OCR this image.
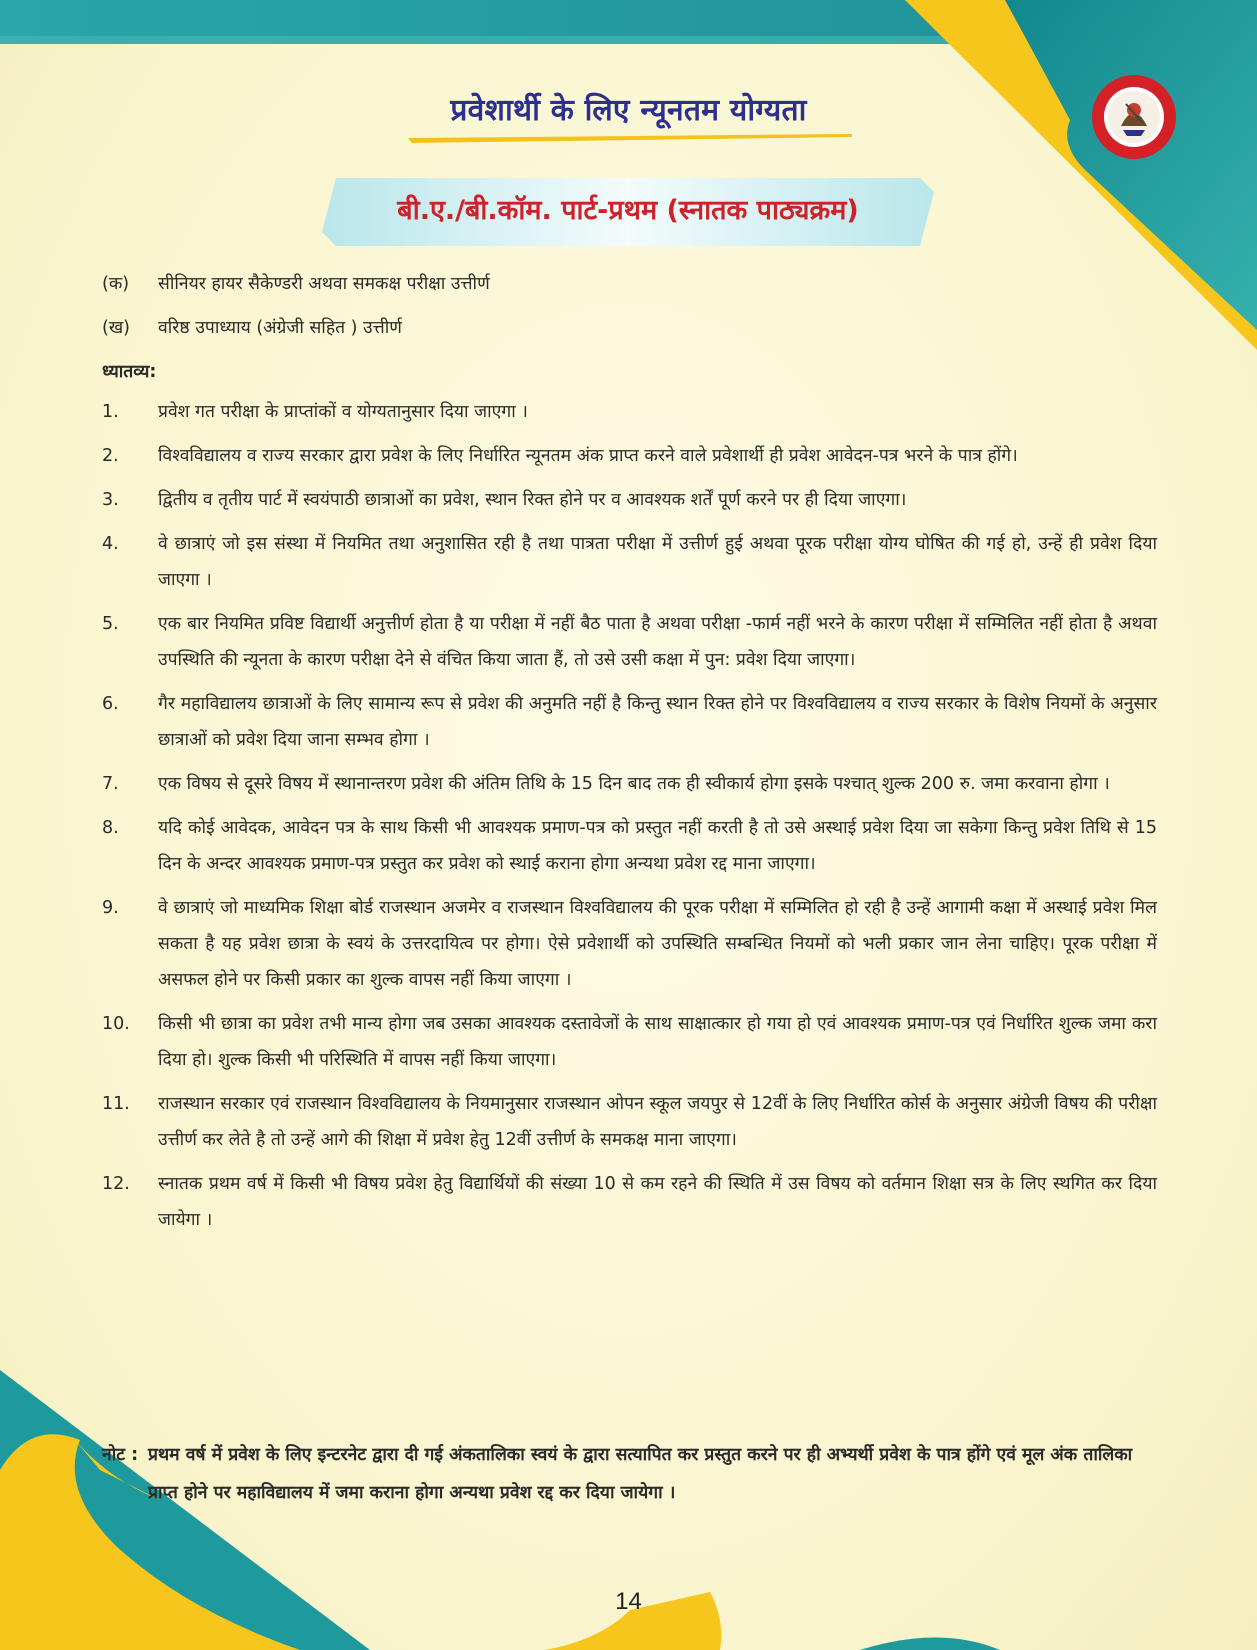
प्रवेशार्थी के लिए न्यूनतम योग्यता
बी.ए./बी.कॉम. पार्ट-प्रथम (स्नातक पाठ्यक्रम)
(क)	सीनियर हायर सैकेण्डरी अथवा समकक्ष परीक्षा उत्तीर्ण
(ख)	वरिष्ठ उपाध्याय (अंग्रेजी सहित ) उत्तीर्ण
ध्यातव्य:
1.	प्रवेश गत परीक्षा के प्राप्तांकों व योग्यतानुसार दिया जाएगा ।
2.	विश्वविद्यालय व राज्य सरकार द्वारा प्रवेश के लिए निर्धारित न्यूनतम अंक प्राप्त करने वाले प्रवेशार्थी ही प्रवेश आवेदन-पत्र भरने के पात्र होंगे।
3.	द्वितीय व तृतीय पार्ट में स्वयंपाठी छात्राओं का प्रवेश, स्थान रिक्त होने पर व आवश्यक शर्तें पूर्ण करने पर ही दिया जाएगा।
4.	वे छात्राएं जो इस संस्था में नियमित तथा अनुशासित रही है तथा पात्रता परीक्षा में उत्तीर्ण हुई अथवा पूरक परीक्षा योग्य घोषित की गई हो, उन्हें ही प्रवेश दिया जाएगा ।
5.	एक बार नियमित प्रविष्ट विद्यार्थी अनुत्तीर्ण होता है या परीक्षा में नहीं बैठ पाता है अथवा परीक्षा -फार्म नहीं भरने के कारण परीक्षा में सम्मिलित नहीं होता है अथवा उपस्थिति की न्यूनता के कारण परीक्षा देने से वंचित किया जाता हैं, तो उसे उसी कक्षा में पुन: प्रवेश दिया जाएगा।
6.	गैर महाविद्यालय छात्राओं के लिए सामान्य रूप से प्रवेश की अनुमति नहीं है किन्तु स्थान रिक्त होने पर विश्वविद्यालय व राज्य सरकार के विशेष नियमों के अनुसार छात्राओं को प्रवेश दिया जाना सम्भव होगा ।
7.	एक विषय से दूसरे विषय में स्थानान्तरण प्रवेश की अंतिम तिथि के 15 दिन बाद तक ही स्वीकार्य होगा इसके पश्चात् शुल्क 200 रु. जमा करवाना होगा ।
8.	यदि कोई आवेदक, आवेदन पत्र के साथ किसी भी आवश्यक प्रमाण-पत्र को प्रस्तुत नहीं करती है तो उसे अस्थाई प्रवेश दिया जा सकेगा किन्तु प्रवेश तिथि से 15 दिन के अन्दर आवश्यक प्रमाण-पत्र प्रस्तुत कर प्रवेश को स्थाई कराना होगा अन्यथा प्रवेश रद्द माना जाएगा।
9.	वे छात्राएं जो माध्यमिक शिक्षा बोर्ड राजस्थान अजमेर व राजस्थान विश्वविद्यालय की पूरक परीक्षा में सम्मिलित हो रही है उन्हें आगामी कक्षा में अस्थाई प्रवेश मिल सकता है यह प्रवेश छात्रा के स्वयं के उत्तरदायित्व पर होगा। ऐसे प्रवेशार्थी को उपस्थिति सम्बन्धित नियमों को भली प्रकार जान लेना चाहिए। पूरक परीक्षा में असफल होने पर किसी प्रकार का शुल्क वापस नहीं किया जाएगा ।
10.	किसी भी छात्रा का प्रवेश तभी मान्य होगा जब उसका आवश्यक दस्तावेजों के साथ साक्षात्कार हो गया हो एवं आवश्यक प्रमाण-पत्र एवं निर्धारित शुल्क जमा करा दिया हो। शुल्क किसी भी परिस्थिति में वापस नहीं किया जाएगा।
11.	राजस्थान सरकार एवं राजस्थान विश्वविद्यालय के नियमानुसार राजस्थान ओपन स्कूल जयपुर से 12वीं के लिए निर्धारित कोर्स के अनुसार अंग्रेजी विषय की परीक्षा उत्तीर्ण कर लेते है तो उन्हें आगे की शिक्षा में प्रवेश हेतु 12वीं उत्तीर्ण के समकक्ष माना जाएगा।
12.	स्नातक प्रथम वर्ष में किसी भी विषय प्रवेश हेतु विद्यार्थियों की संख्या 10 से कम रहने की स्थिति में उस विषय को वर्तमान शिक्षा सत्र के लिए स्थगित कर दिया जायेगा ।
नोट : प्रथम वर्ष में प्रवेश के लिए इन्टरनेट द्वारा दी गई अंकतालिका स्वयं के द्वारा सत्यापित कर प्रस्तुत करने पर ही अभ्यर्थी प्रवेश के पात्र होंगे एवं मूल अंक तालिका प्राप्त होने पर महाविद्यालय में जमा कराना होगा अन्यथा प्रवेश रद्द कर दिया जायेगा ।
14
